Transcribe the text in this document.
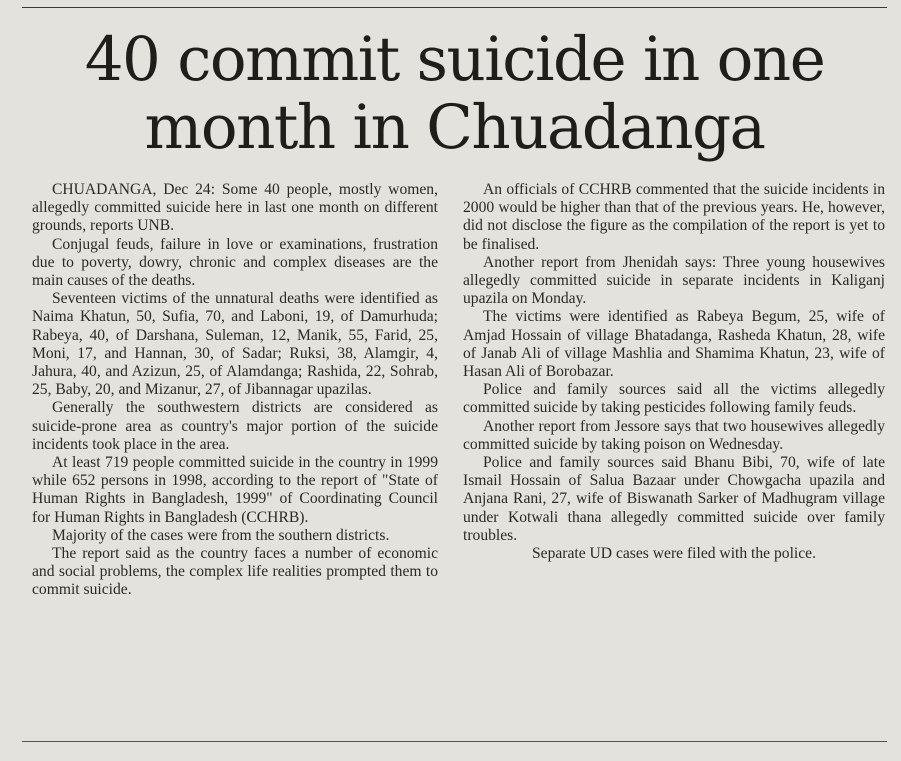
40 commit suicide in one
month in Chuadanga

CHUADANGA, Dec 24: Some 40 people, mostly women, allegedly committed suicide here in last one month on different grounds, reports UNB.

Conjugal feuds, failure in love or examinations, frustration due to poverty, dowry, chronic and complex diseases are the main causes of the deaths.

Seventeen victims of the unnatural deaths were identified as Naima Khatun, 50, Sufia, 70, and Laboni, 19, of Damurhuda; Rabeya, 40, of Darshana, Suleman, 12, Manik, 55, Farid, 25, Moni, 17, and Hannan, 30, of Sadar; Ruksi, 38, Alamgir, 4, Jahura, 40, and Azizun, 25, of Alamdanga; Rashida, 22, Sohrab, 25, Baby, 20, and Mizanur, 27, of Jibannagar upazilas.

Generally the southwestern districts are considered as suicide-prone area as country's major portion of the suicide incidents took place in the area.

At least 719 people committed suicide in the country in 1999 while 652 persons in 1998, according to the report of "State of Human Rights in Bangladesh, 1999" of Coordinating Council for Human Rights in Bangladesh (CCHRB).

Majority of the cases were from the southern districts.

The report said as the country faces a number of economic and social problems, the complex life realities prompted them to commit suicide.

An officials of CCHRB commented that the suicide incidents in 2000 would be higher than that of the previous years. He, however, did not disclose the figure as the compilation of the report is yet to be finalised.

Another report from Jhenidah says: Three young housewives allegedly committed suicide in separate incidents in Kaliganj upazila on Monday.

The victims were identified as Rabeya Begum, 25, wife of Amjad Hossain of village Bhatadanga, Rasheda Khatun, 28, wife of Janab Ali of village Mashlia and Shamima Khatun, 23, wife of Hasan Ali of Borobazar.

Police and family sources said all the victims allegedly committed suicide by taking pesticides following family feuds.

Another report from Jessore says that two housewives allegedly committed suicide by taking poison on Wednesday.

Police and family sources said Bhanu Bibi, 70, wife of late Ismail Hossain of Salua Bazaar under Chowgacha upazila and Anjana Rani, 27, wife of Biswanath Sarker of Madhugram village under Kotwali thana allegedly committed suicide over family troubles.

Separate UD cases were filed with the police.
